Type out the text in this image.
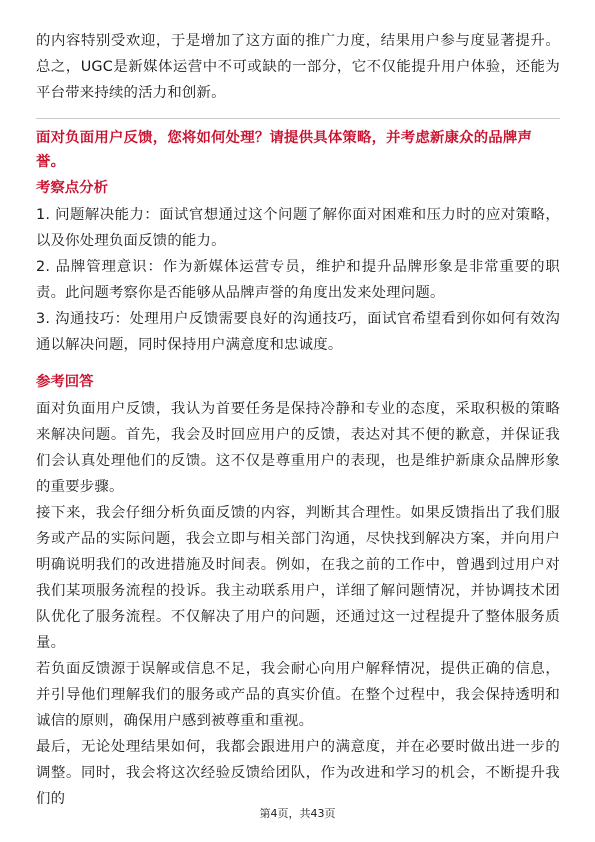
的内容特别受欢迎，于是增加了这方面的推广力度，结果用户参与度显著提升。总之，UGC是新媒体运营中不可或缺的一部分，它不仅能提升用户体验，还能为平台带来持续的活力和创新。

面对负面用户反馈，您将如何处理？请提供具体策略，并考虑新康众的品牌声誉。

考察点分析

1. 问题解决能力：面试官想通过这个问题了解你面对困难和压力时的应对策略，以及你处理负面反馈的能力。

2. 品牌管理意识：作为新媒体运营专员，维护和提升品牌形象是非常重要的职责。此问题考察你是否能够从品牌声誉的角度出发来处理问题。

3. 沟通技巧：处理用户反馈需要良好的沟通技巧，面试官希望看到你如何有效沟通以解决问题，同时保持用户满意度和忠诚度。

参考回答

面对负面用户反馈，我认为首要任务是保持冷静和专业的态度，采取积极的策略来解决问题。首先，我会及时回应用户的反馈，表达对其不便的歉意，并保证我们会认真处理他们的反馈。这不仅是尊重用户的表现，也是维护新康众品牌形象的重要步骤。

接下来，我会仔细分析负面反馈的内容，判断其合理性。如果反馈指出了我们服务或产品的实际问题，我会立即与相关部门沟通，尽快找到解决方案，并向用户明确说明我们的改进措施及时间表。例如，在我之前的工作中，曾遇到过用户对我们某项服务流程的投诉。我主动联系用户，详细了解问题情况，并协调技术团队优化了服务流程。不仅解决了用户的问题，还通过这一过程提升了整体服务质量。

若负面反馈源于误解或信息不足，我会耐心向用户解释情况，提供正确的信息，并引导他们理解我们的服务或产品的真实价值。在整个过程中，我会保持透明和诚信的原则，确保用户感到被尊重和重视。

最后，无论处理结果如何，我都会跟进用户的满意度，并在必要时做出进一步的调整。同时，我会将这次经验反馈给团队，作为改进和学习的机会，不断提升我们的

第4页，共43页
